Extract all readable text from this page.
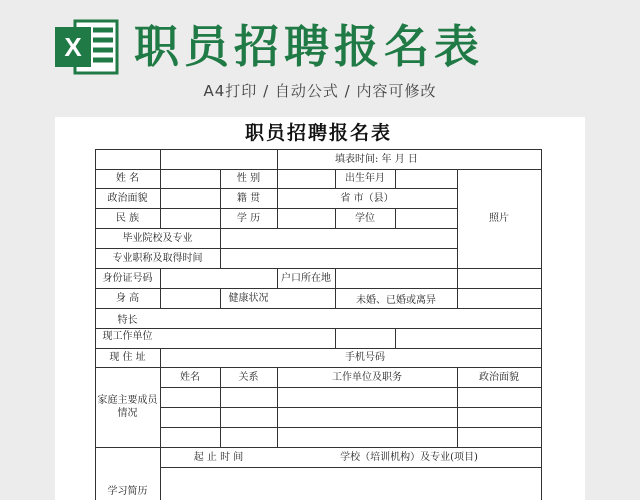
X 职员招聘报名表
A4打印 / 自动公式 / 内容可修改
职员招聘报名表
填表时间: 年 月 日
姓 名	性 别	出生年月
政治面貌	籍 贯	省 市（县）
民 族	学 历	学位	照片
毕业院校及专业
专业职称及取得时间
身份证号码	户口所在地
身 高	健康状况	未婚、已婚或离异
特长
现工作单位
现 住 址	手机号码
家庭主要成员情况
姓名	关系	工作单位及职务	政治面貌
起 止 时 间	学校（培训机构）及专业(项目)
学习简历
